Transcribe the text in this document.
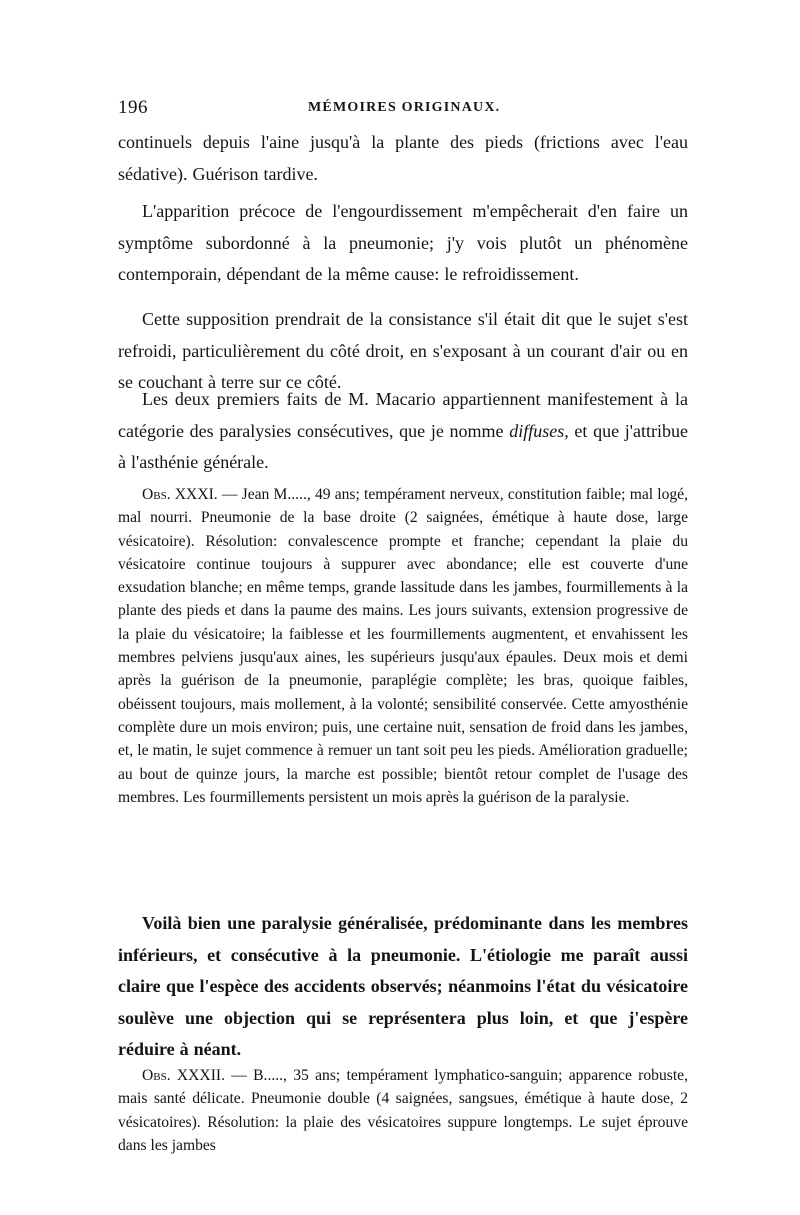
196	MÉMOIRES ORIGINAUX.

continuels depuis l'aine jusqu'à la plante des pieds (frictions avec l'eau sédative). Guérison tardive.

L'apparition précoce de l'engourdissement m'empêcherait d'en faire un symptôme subordonné à la pneumonie; j'y vois plutôt un phénomène contemporain, dépendant de la même cause: le refroidissement.

Cette supposition prendrait de la consistance s'il était dit que le sujet s'est refroidi, particulièrement du côté droit, en s'exposant à un courant d'air ou en se couchant à terre sur ce côté.

Les deux premiers faits de M. Macario appartiennent manifestement à la catégorie des paralysies consécutives, que je nomme diffuses, et que j'attribue à l'asthénie générale.

Obs. XXXI. — Jean M....., 49 ans; tempérament nerveux, constitution faible; mal logé, mal nourri. Pneumonie de la base droite (2 saignées, émétique à haute dose, large vésicatoire). Résolution: convalescence prompte et franche; cependant la plaie du vésicatoire continue toujours à suppurer avec abondance; elle est couverte d'une exsudation blanche; en même temps, grande lassitude dans les jambes, fourmillements à la plante des pieds et dans la paume des mains. Les jours suivants, extension progressive de la plaie du vésicatoire; la faiblesse et les fourmillements augmentent, et envahissent les membres pelviens jusqu'aux aines, les supérieurs jusqu'aux épaules. Deux mois et demi après la guérison de la pneumonie, paraplégie complète; les bras, quoique faibles, obéissent toujours, mais mollement, à la volonté; sensibilité conservée. Cette amyosthénie complète dure un mois environ; puis, une certaine nuit, sensation de froid dans les jambes, et, le matin, le sujet commence à remuer un tant soit peu les pieds. Amélioration graduelle; au bout de quinze jours, la marche est possible; bientôt retour complet de l'usage des membres. Les fourmillements persistent un mois après la guérison de la paralysie.

Voilà bien une paralysie généralisée, prédominante dans les membres inférieurs, et consécutive à la pneumonie. L'étiologie me paraît aussi claire que l'espèce des accidents observés; néanmoins l'état du vésicatoire soulève une objection qui se représentera plus loin, et que j'espère réduire à néant.

Obs. XXXII. — B....., 35 ans; tempérament lymphatico-sanguin; apparence robuste, mais santé délicate. Pneumonie double (4 saignées, sangsues, émétique à haute dose, 2 vésicatoires). Résolution: la plaie des vésicatoires suppure longtemps. Le sujet éprouve dans les jambes
